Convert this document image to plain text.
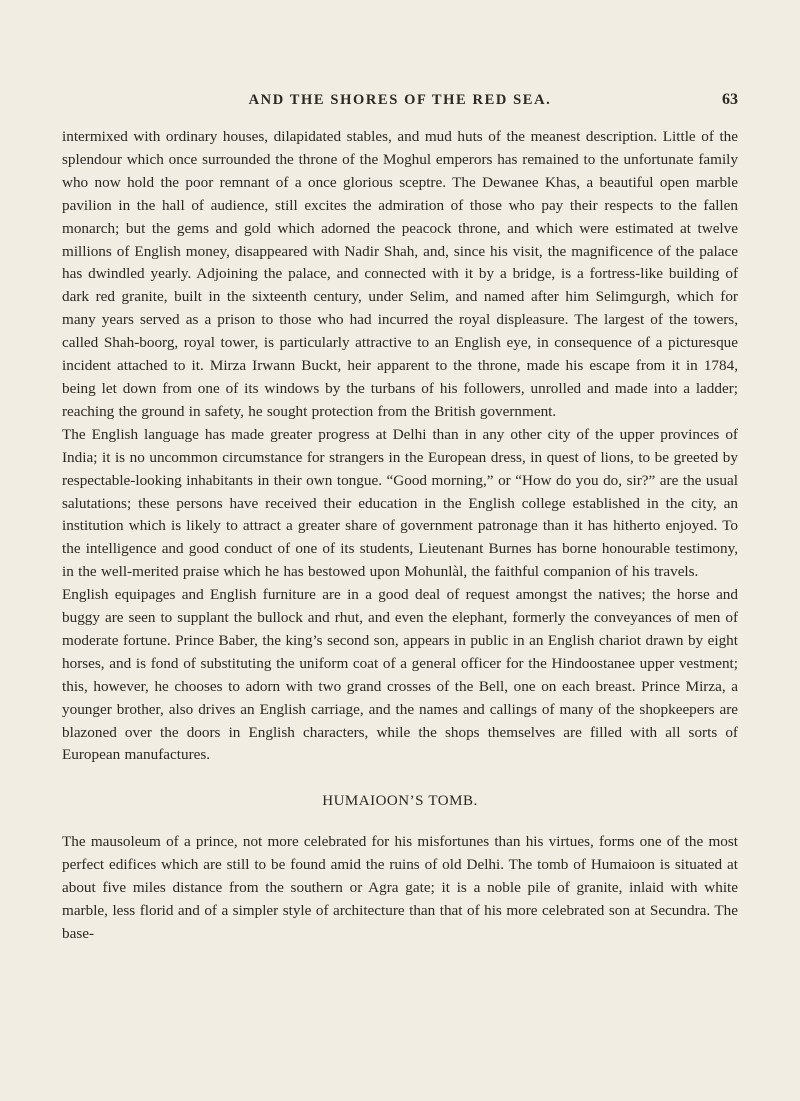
AND THE SHORES OF THE RED SEA.	63

intermixed with ordinary houses, dilapidated stables, and mud huts of the meanest description. Little of the splendour which once surrounded the throne of the Moghul emperors has remained to the unfortunate family who now hold the poor remnant of a once glorious sceptre. The Dewanee Khas, a beautiful open marble pavilion in the hall of audience, still excites the admiration of those who pay their respects to the fallen monarch; but the gems and gold which adorned the peacock throne, and which were estimated at twelve millions of English money, disappeared with Nadir Shah, and, since his visit, the magnificence of the palace has dwindled yearly. Adjoining the palace, and connected with it by a bridge, is a fortress-like building of dark red granite, built in the sixteenth century, under Selim, and named after him Selimgurgh, which for many years served as a prison to those who had incurred the royal displeasure. The largest of the towers, called Shah-boorg, royal tower, is particularly attractive to an English eye, in consequence of a picturesque incident attached to it. Mirza Irwann Buckt, heir apparent to the throne, made his escape from it in 1784, being let down from one of its windows by the turbans of his followers, unrolled and made into a ladder; reaching the ground in safety, he sought protection from the British government.

The English language has made greater progress at Delhi than in any other city of the upper provinces of India; it is no uncommon circumstance for strangers in the European dress, in quest of lions, to be greeted by respectable-looking inhabitants in their own tongue. “Good morning,” or “How do you do, sir?” are the usual salutations; these persons have received their education in the English college established in the city, an institution which is likely to attract a greater share of government patronage than it has hitherto enjoyed. To the intelligence and good conduct of one of its students, Lieutenant Burnes has borne honourable testimony, in the well-merited praise which he has bestowed upon Mohunlàl, the faithful companion of his travels.

English equipages and English furniture are in a good deal of request amongst the natives; the horse and buggy are seen to supplant the bullock and rhut, and even the elephant, formerly the conveyances of men of moderate fortune. Prince Baber, the king’s second son, appears in public in an English chariot drawn by eight horses, and is fond of substituting the uniform coat of a general officer for the Hindoostanee upper vestment; this, however, he chooses to adorn with two grand crosses of the Bell, one on each breast. Prince Mirza, a younger brother, also drives an English carriage, and the names and callings of many of the shopkeepers are blazoned over the doors in English characters, while the shops themselves are filled with all sorts of European manufactures.

HUMAIOON’S TOMB.

The mausoleum of a prince, not more celebrated for his misfortunes than his virtues, forms one of the most perfect edifices which are still to be found amid the ruins of old Delhi. The tomb of Humaioon is situated at about five miles distance from the southern or Agra gate; it is a noble pile of granite, inlaid with white marble, less florid and of a simpler style of architecture than that of his more celebrated son at Secundra. The base-
